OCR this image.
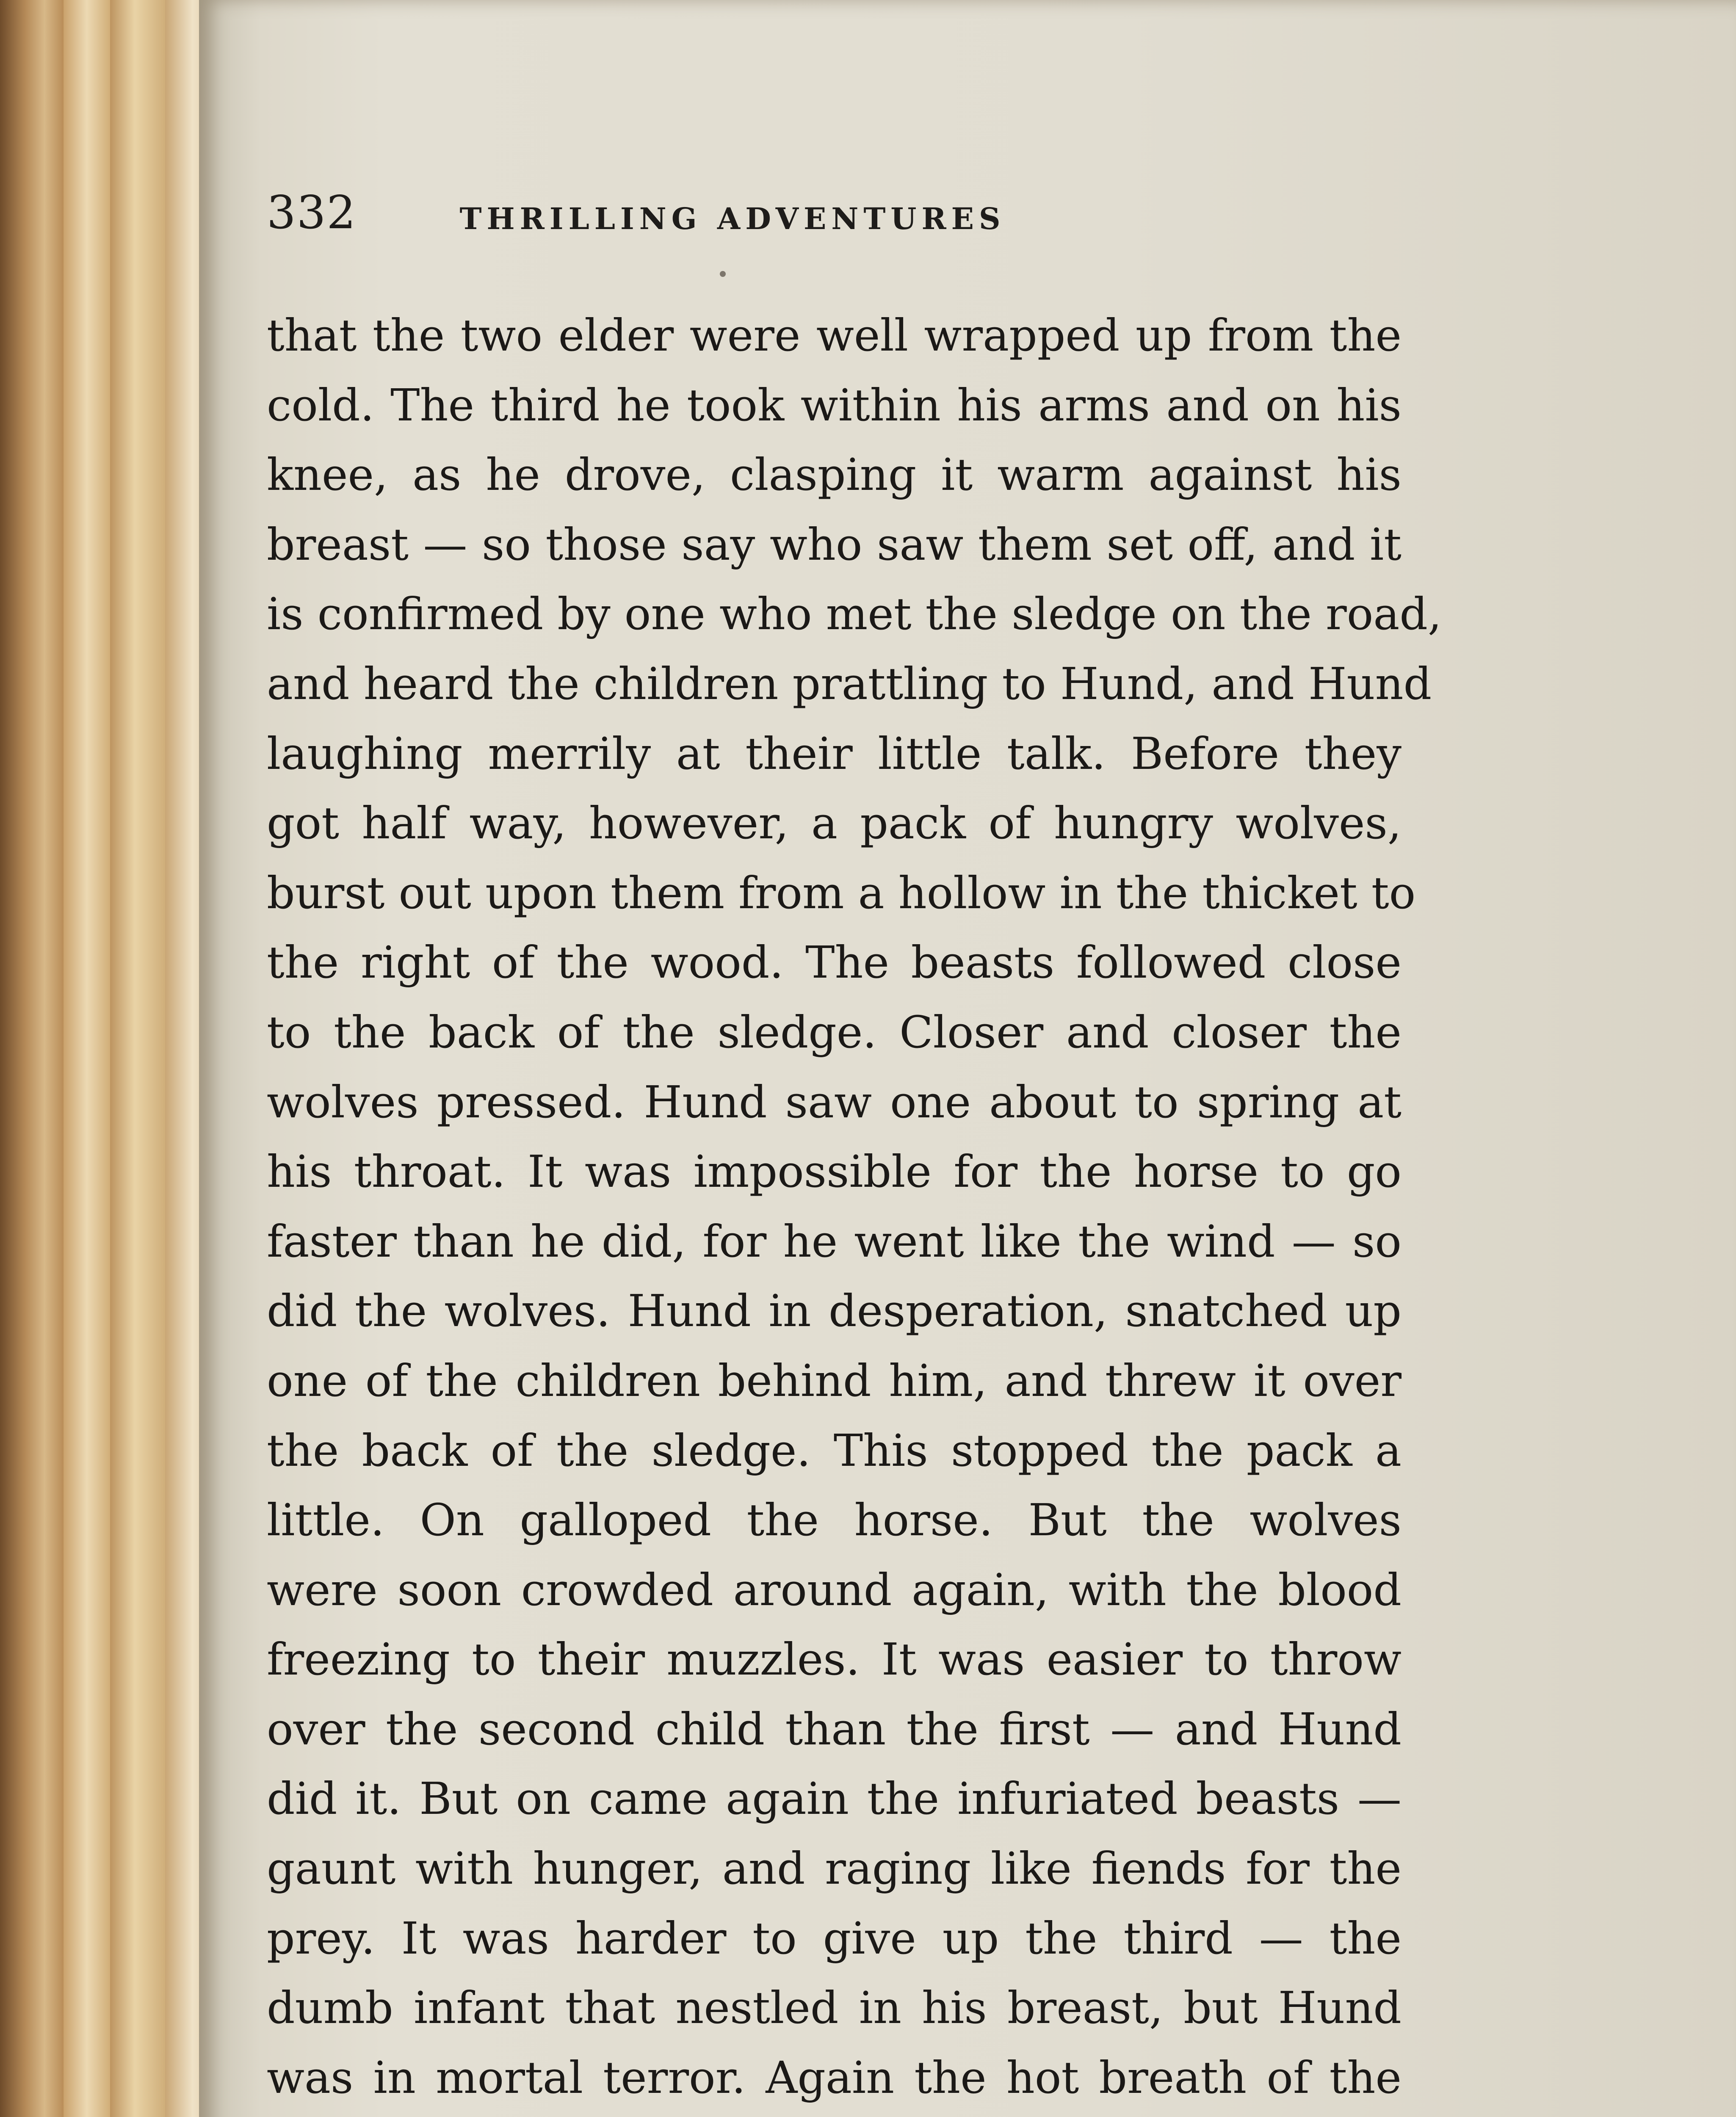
332	THRILLING ADVENTURES
that the two elder were well wrapped up from the
cold. The third he took within his arms and on his
knee, as he drove, clasping it warm against his
breast — so those say who saw them set off, and it
is confirmed by one who met the sledge on the road,
and heard the children prattling to Hund, and Hund
laughing merrily at their little talk. Before they
got half way, however, a pack of hungry wolves,
burst out upon them from a hollow in the thicket to
the right of the wood. The beasts followed close
to the back of the sledge. Closer and closer the
wolves pressed. Hund saw one about to spring at
his throat. It was impossible for the horse to go
faster than he did, for he went like the wind — so
did the wolves. Hund in desperation, snatched up
one of the children behind him, and threw it over
the back of the sledge. This stopped the pack a
little. On galloped the horse. But the wolves
were soon crowded around again, with the blood
freezing to their muzzles. It was easier to throw
over the second child than the first — and Hund
did it. But on came again the infuriated beasts —
gaunt with hunger, and raging like fiends for the
prey. It was harder to give up the third — the
dumb infant that nestled in his breast, but Hund
was in mortal terror. Again the hot breath of the
